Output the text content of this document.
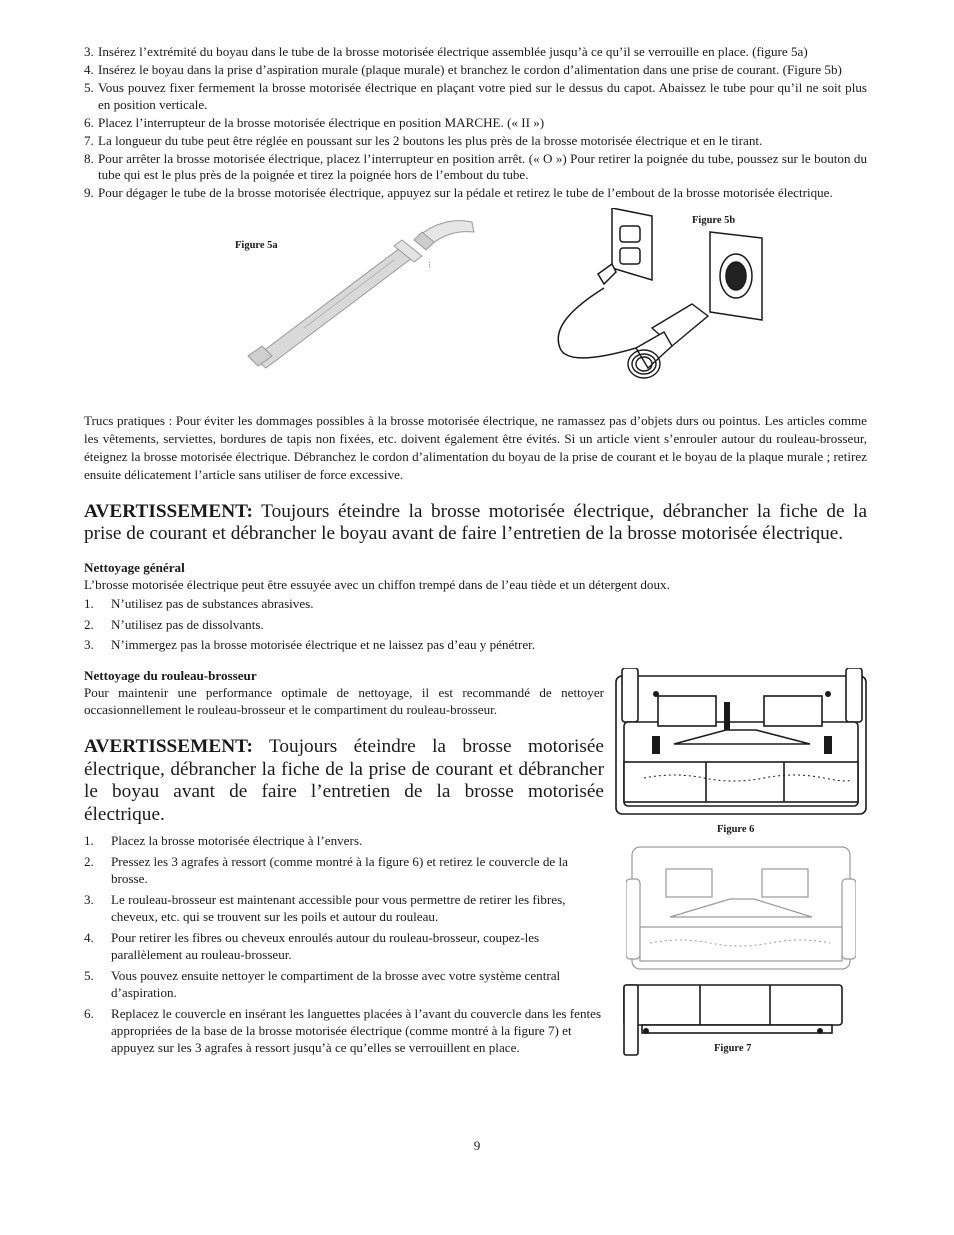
3. Insérez l’extrémité du boyau dans le tube de la brosse motorisée électrique assemblée jusqu’à ce qu’il se verrouille en place. (figure 5a)
4. Insérez le boyau dans la prise d’aspiration murale (plaque murale) et branchez le cordon d’alimentation dans une prise de courant. (Figure 5b)
5. Vous pouvez fixer fermement la brosse motorisée électrique en plaçant votre pied sur le dessus du capot. Abaissez le tube pour qu’il ne soit plus en position verticale.
6. Placez l’interrupteur de la brosse motorisée électrique en position MARCHE. (« II »)
7. La longueur du tube peut être réglée en poussant sur les 2 boutons les plus près de la brosse motorisée électrique et en le tirant.
8. Pour arrêter la brosse motorisée électrique, placez l’interrupteur en position arrêt. (« O ») Pour retirer la poignée du tube, poussez sur le bouton du tube qui est le plus près de la poignée et tirez la poignée hors de l’embout du tube.
9. Pour dégager le tube de la brosse motorisée électrique, appuyez sur la pédale et retirez le tube de l’embout de la brosse motorisée électrique.
Figure 5a
⁝
Figure 5b

Trucs pratiques : Pour éviter les dommages possibles à la brosse motorisée électrique, ne ramassez pas d’objets durs ou pointus. Les articles comme les vêtements, serviettes, bordures de tapis non fixées, etc. doivent également être évités. Si un article vient s’enrouler autour du rouleau-brosseur, éteignez la brosse motorisée électrique. Débranchez le cordon d’alimentation du boyau de la prise de courant et le boyau de la plaque murale ; retirez ensuite délicatement l’article sans utiliser de force excessive.

AVERTISSEMENT: Toujours éteindre la brosse motorisée électrique, débrancher la fiche de la prise de courant et débrancher le boyau avant de faire l’entretien de la brosse motorisée électrique.

Nettoyage général

L’brosse motorisée électrique peut être essuyée avec un chiffon trempé dans de l’eau tiède et un détergent doux.

1.	N’utilisez pas de substances abrasives.
2.	N’utilisez pas de dissolvants.
3.	N’immergez pas la brosse motorisée électrique et ne laissez pas d’eau y pénétrer.
Nettoyage du rouleau-brosseur

Pour maintenir une performance optimale de nettoyage, il est recommandé de nettoyer occasionnellement le rouleau-brosseur et le compartiment du rouleau-brosseur.

AVERTISSEMENT: Toujours éteindre la brosse motorisée électrique, débrancher la fiche de la prise de courant et débrancher le boyau avant de faire l’entretien de la brosse motorisée électrique.

1.	Placez la brosse motorisée électrique à l’envers.
2.	Pressez les 3 agrafes à ressort (comme montré à la figure 6) et retirez le couvercle de la brosse.
3.	Le rouleau-brosseur est maintenant accessible pour vous permettre de retirer les fibres, cheveux, etc. qui se trouvent sur les poils et autour du rouleau.
4.	Pour retirer les fibres ou cheveux enroulés autour du rouleau-brosseur, coupez-les parallèlement au rouleau-brosseur.
5.	Vous pouvez ensuite nettoyer le compartiment de la brosse avec votre système central d’aspiration.
6.	Replacez le couvercle en insérant les languettes placées à l’avant du couvercle dans les fentes appropriées de la base de la brosse motorisée électrique (comme montré à la figure 7) et appuyez sur les 3 agrafes à ressort jusqu’à ce qu’elles se verrouillent en place.
Figure 6
Figure 7
9
